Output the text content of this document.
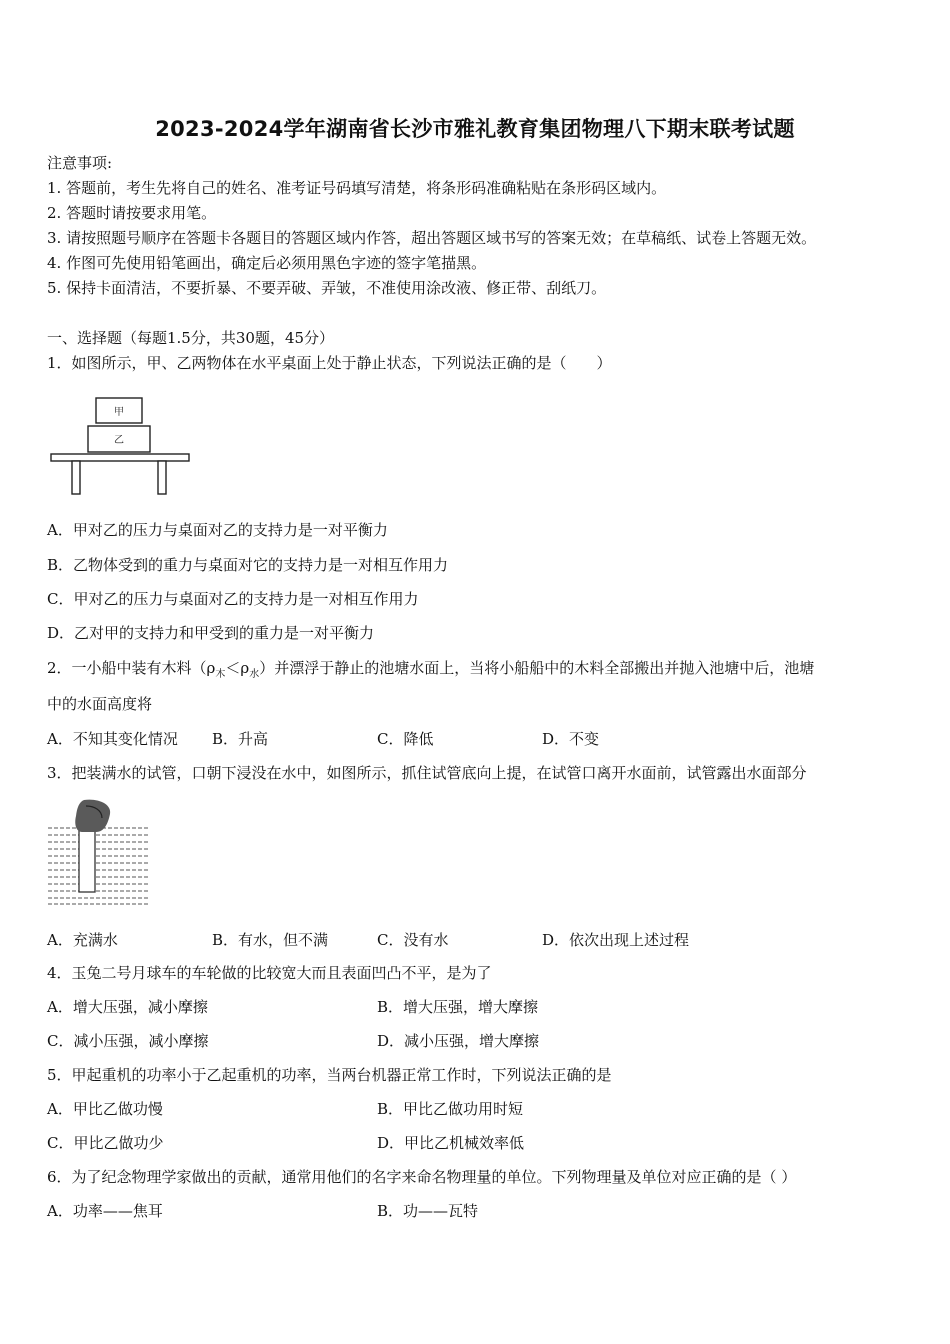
2023-2024学年湖南省长沙市雅礼教育集团物理八下期末联考试题
注意事项:
1. 答题前，考生先将自己的姓名、准考证号码填写清楚，将条形码准确粘贴在条形码区域内。
2. 答题时请按要求用笔。
3. 请按照题号顺序在答题卡各题目的答题区域内作答，超出答题区域书写的答案无效；在草稿纸、试卷上答题无效。
4. 作图可先使用铅笔画出，确定后必须用黑色字迹的签字笔描黑。
5. 保持卡面清洁，不要折暴、不要弄破、弄皱，不准使用涂改液、修正带、刮纸刀。
一、选择题（每题1.5分，共30题，45分）
1．如图所示，甲、乙两物体在水平桌面上处于静止状态，下列说法正确的是（　　）
甲
乙
A．甲对乙的压力与桌面对乙的支持力是一对平衡力
B．乙物体受到的重力与桌面对它的支持力是一对相互作用力
C．甲对乙的压力与桌面对乙的支持力是一对相互作用力
D．乙对甲的支持力和甲受到的重力是一对平衡力
2．一小船中装有木料$(\rho_木<\rho_水)$并漂浮于静止的池塘水面上，当将小船船中的木料全部搬出并抛入池塘中后，池塘
中的水面高度将
A．不知其变化情况 B．升高	C．降低	D．不变
3．把装满水的试管，口朝下浸没在水中，如图所示，抓住试管底向上提，在试管口离开水面前，试管露出水面部分
A．充满水	B．有水，但不满	C．没有水	D．依次出现上述过程
4．玉兔二号月球车的车轮做的比较宽大而且表面凹凸不平，是为了
A．增大压强，减小摩擦	B．增大压强，增大摩擦
C．减小压强，减小摩擦	D．减小压强，增大摩擦
5．甲起重机的功率小于乙起重机的功率，当两台机器正常工作时，下列说法正确的是
A．甲比乙做功慢	B．甲比乙做功用时短
C．甲比乙做功少	D．甲比乙机械效率低
6．为了纪念物理学家做出的贡献，通常用他们的名字来命名物理量的单位。下列物理量及单位对应正确的是（ ）
A．功率——焦耳	B．功——瓦特
